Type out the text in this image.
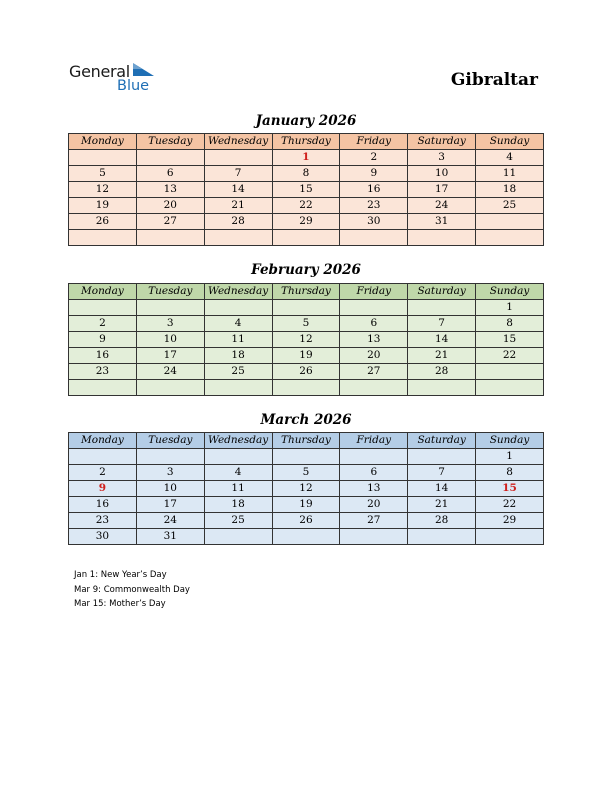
General
Blue	Gibraltar
January 2026
Monday	Tuesday	Wednesday	Thursday	Friday	Saturday	Sunday
			1	2	3	4
5	6	7	8	9	10	11
12	13	14	15	16	17	18
19	20	21	22	23	24	25
26	27	28	29	30	31	

February 2026
Monday	Tuesday	Wednesday	Thursday	Friday	Saturday	Sunday
						1
2	3	4	5	6	7	8
9	10	11	12	13	14	15
16	17	18	19	20	21	22
23	24	25	26	27	28	

March 2026
Monday	Tuesday	Wednesday	Thursday	Friday	Saturday	Sunday
						1
2	3	4	5	6	7	8
9	10	11	12	13	14	15
16	17	18	19	20	21	22
23	24	25	26	27	28	29
30	31					
Jan 1: New Year’s Day
Mar 9: Commonwealth Day
Mar 15: Mother’s Day
